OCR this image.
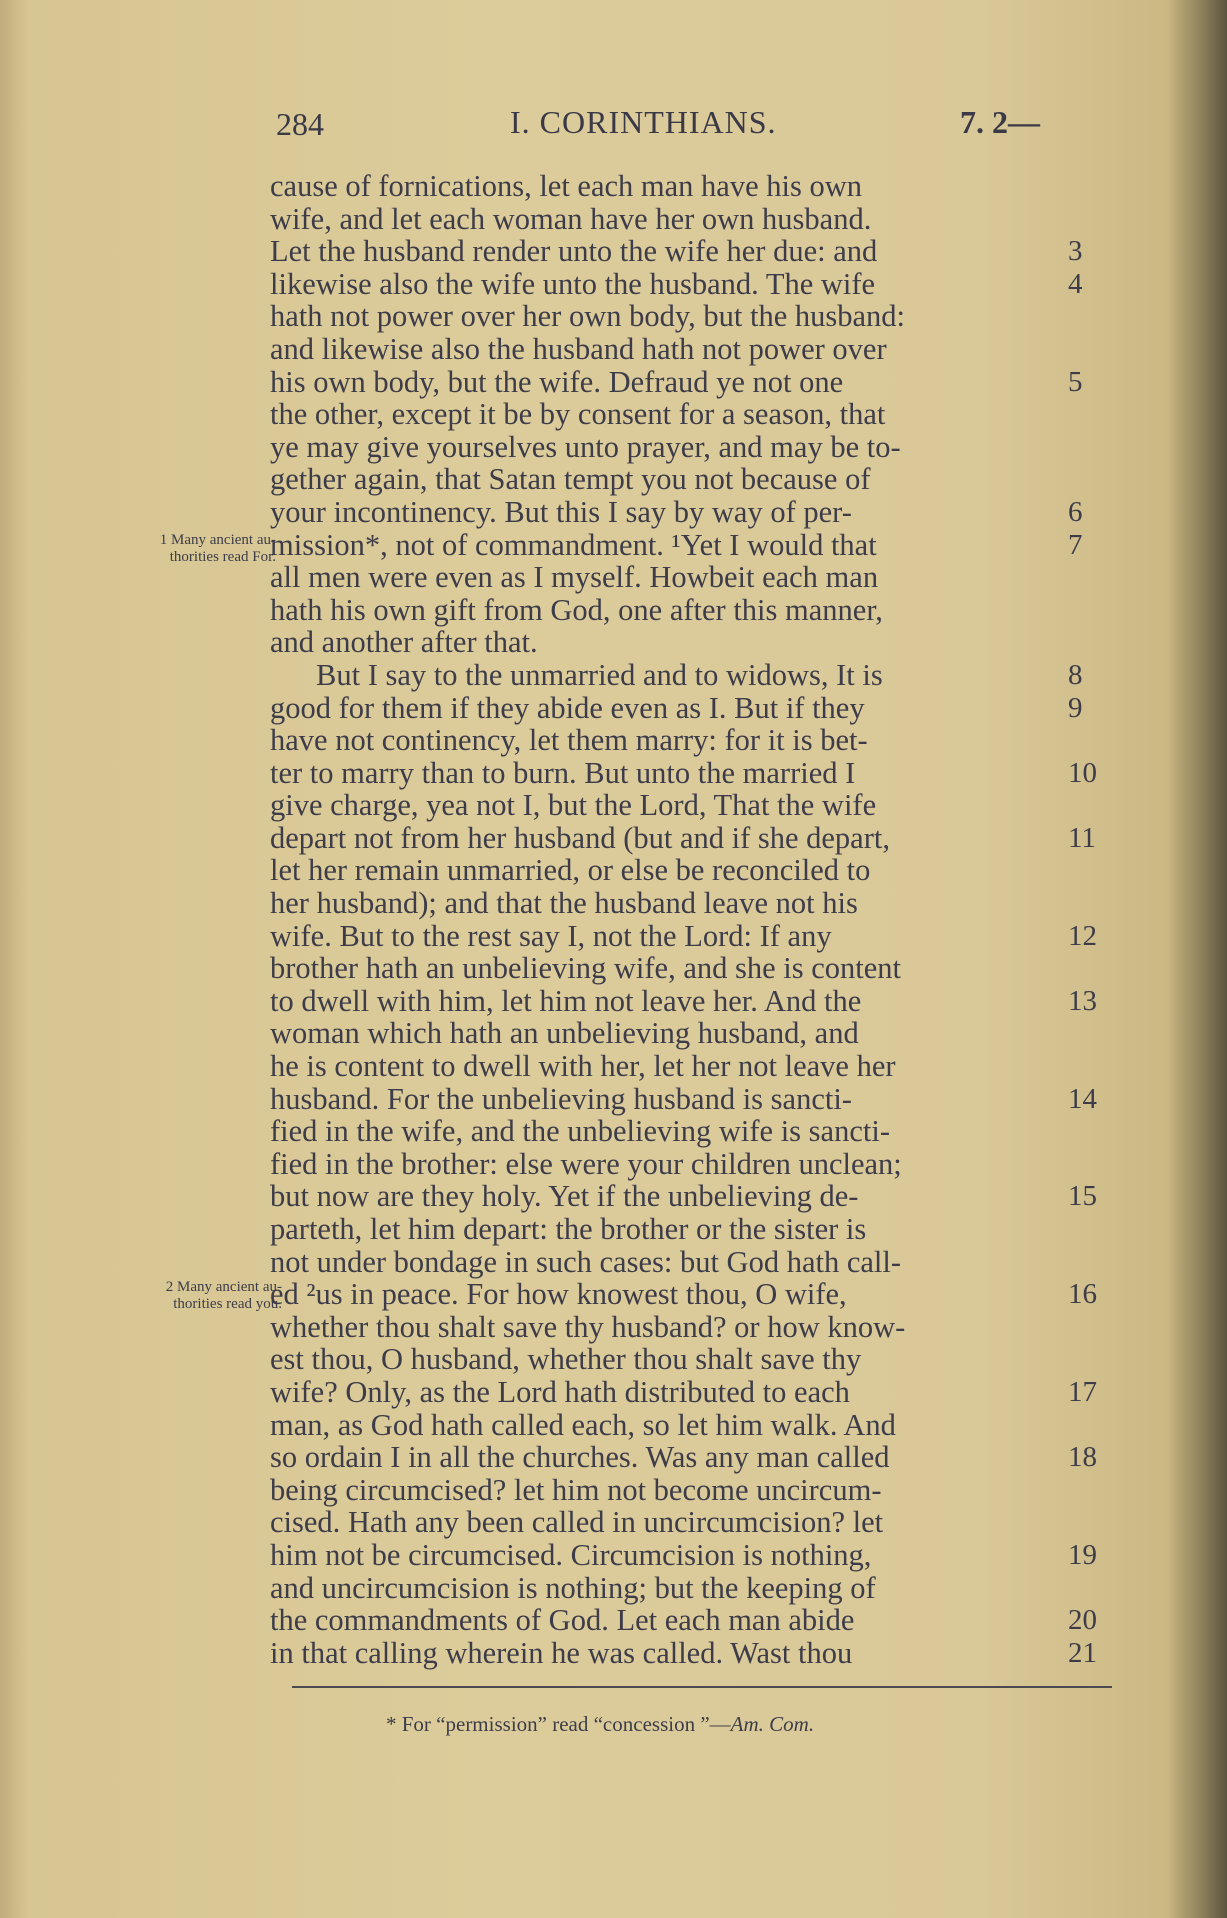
284	I. CORINTHIANS.	7. 2—
cause of fornications, let each man have his own
wife, and let each woman have her own husband.
Let the husband render unto the wife her due: and	3
likewise also the wife unto the husband. The wife	4
hath not power over her own body, but the husband:
and likewise also the husband hath not power over
his own body, but the wife. Defraud ye not one	5
the other, except it be by consent for a season, that
ye may give yourselves unto prayer, and may be to-
gether again, that Satan tempt you not because of
your incontinency. But this I say by way of per-	6
mission*, not of commandment. ¹Yet I would that	7
all men were even as I myself. Howbeit each man
hath his own gift from God, one after this manner,
and another after that.
But I say to the unmarried and to widows, It is	8
good for them if they abide even as I. But if they	9
have not continency, let them marry: for it is bet-
ter to marry than to burn. But unto the married I	10
give charge, yea not I, but the Lord, That the wife
depart not from her husband (but and if she depart,	11
let her remain unmarried, or else be reconciled to
her husband); and that the husband leave not his
wife. But to the rest say I, not the Lord: If any	12
brother hath an unbelieving wife, and she is content
to dwell with him, let him not leave her. And the	13
woman which hath an unbelieving husband, and
he is content to dwell with her, let her not leave her
husband. For the unbelieving husband is sancti-	14
fied in the wife, and the unbelieving wife is sancti-
fied in the brother: else were your children unclean;
but now are they holy. Yet if the unbelieving de-	15
parteth, let him depart: the brother or the sister is
not under bondage in such cases: but God hath call-
ed ²us in peace. For how knowest thou, O wife,	16
whether thou shalt save thy husband? or how know-
est thou, O husband, whether thou shalt save thy
wife? Only, as the Lord hath distributed to each	17
man, as God hath called each, so let him walk. And
so ordain I in all the churches. Was any man called	18
being circumcised? let him not become uncircum-
cised. Hath any been called in uncircumcision? let
him not be circumcised. Circumcision is nothing,	19
and uncircumcision is nothing; but the keeping of
the commandments of God. Let each man abide	20
in that calling wherein he was called. Wast thou	21
1 Many ancient au-
thorities read For.
2 Many ancient au-
thorities read you.
* For “permission” read “concession ”—Am. Com.
